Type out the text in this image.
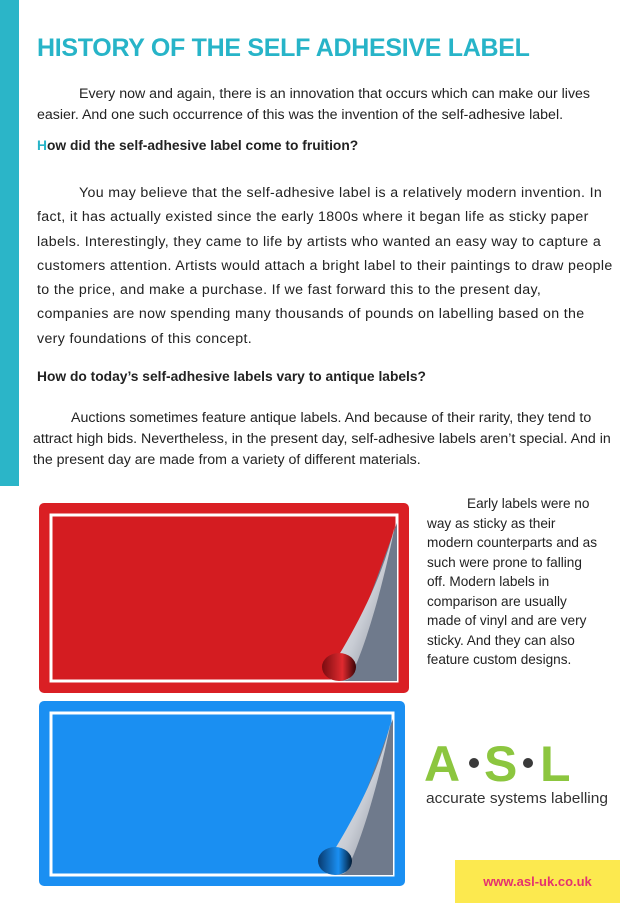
HISTORY OF THE SELF ADHESIVE LABEL
Every now and again, there is an innovation that occurs which can make our lives easier. And one such occurrence of this was the invention of the self-adhesive label.
How did the self-adhesive label come to fruition?
You may believe that the self-adhesive label is a relatively modern invention. In fact, it has actually existed since the early 1800s where it began life as sticky paper labels. Interestingly, they came to life by artists who wanted an easy way to capture a customers attention. Artists would attach a bright label to their paintings to draw people to the price, and make a purchase. If we fast forward this to the present day, companies are now spending many thousands of pounds on labelling based on the very foundations of this concept.
How do today’s self-adhesive labels vary to antique labels?
Auctions sometimes feature antique labels. And because of their rarity, they tend to attract high bids. Nevertheless, in the present day, self-adhesive labels aren’t special. And in the present day are made from a variety of different materials.
Early labels were no way as sticky as their modern counterparts and as such were prone to falling off. Modern labels in comparison are usually made of vinyl and are very sticky. And they can also feature custom designs.
A S L
accurate systems labelling
www.asl-uk.co.uk
